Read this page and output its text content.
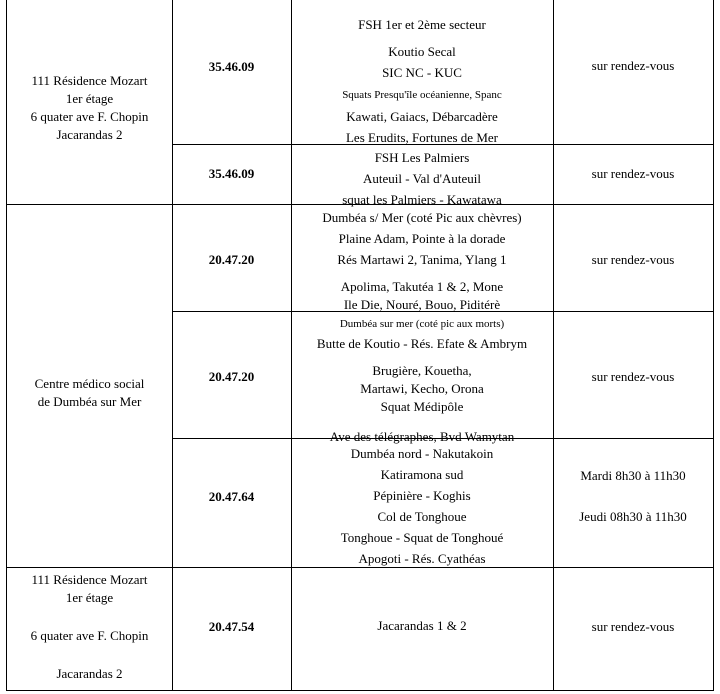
111 Résidence Mozart
1er étage
6 quater ave F. Chopin
Jacarandas 2
35.46.09
FSH 1er et 2ème secteur
Koutio Secal
SIC NC - KUC
Squats Presqu'île océanienne, Spanc
Kawati, Gaiacs, Débarcadère
Les Erudits, Fortunes de Mer
sur rendez-vous
35.46.09
FSH Les Palmiers
Auteuil - Val d'Auteuil
squat les Palmiers - Kawatawa
sur rendez-vous
Centre médico social
de Dumbéa sur Mer
20.47.20
Dumbéa s/ Mer (coté Pic aux chèvres)
Plaine Adam, Pointe à la dorade
Rés Martawi 2, Tanima, Ylang 1
Apolima, Takutéa 1 & 2, Mone
Ile Die, Nouré, Bouo, Piditérè
sur rendez-vous
20.47.20
Dumbéa sur mer (coté pic aux morts)
Butte de Koutio - Rés. Efate & Ambrym
Brugière, Kouetha,
Martawi, Kecho, Orona
Squat Médipôle
Ave des télégraphes, Bvd Wamytan
sur rendez-vous
20.47.64
Dumbéa nord - Nakutakoin
Katiramona sud
Pépinière - Koghis
Col de Tonghoue
Tonghoue - Squat de Tonghoué
Apogoti - Rés. Cyathéas
Mardi 8h30 à 11h30
Jeudi 08h30 à 11h30
111 Résidence Mozart
1er étage
6 quater ave F. Chopin
Jacarandas 2
20.47.54	Jacarandas 1 & 2	sur rendez-vous
